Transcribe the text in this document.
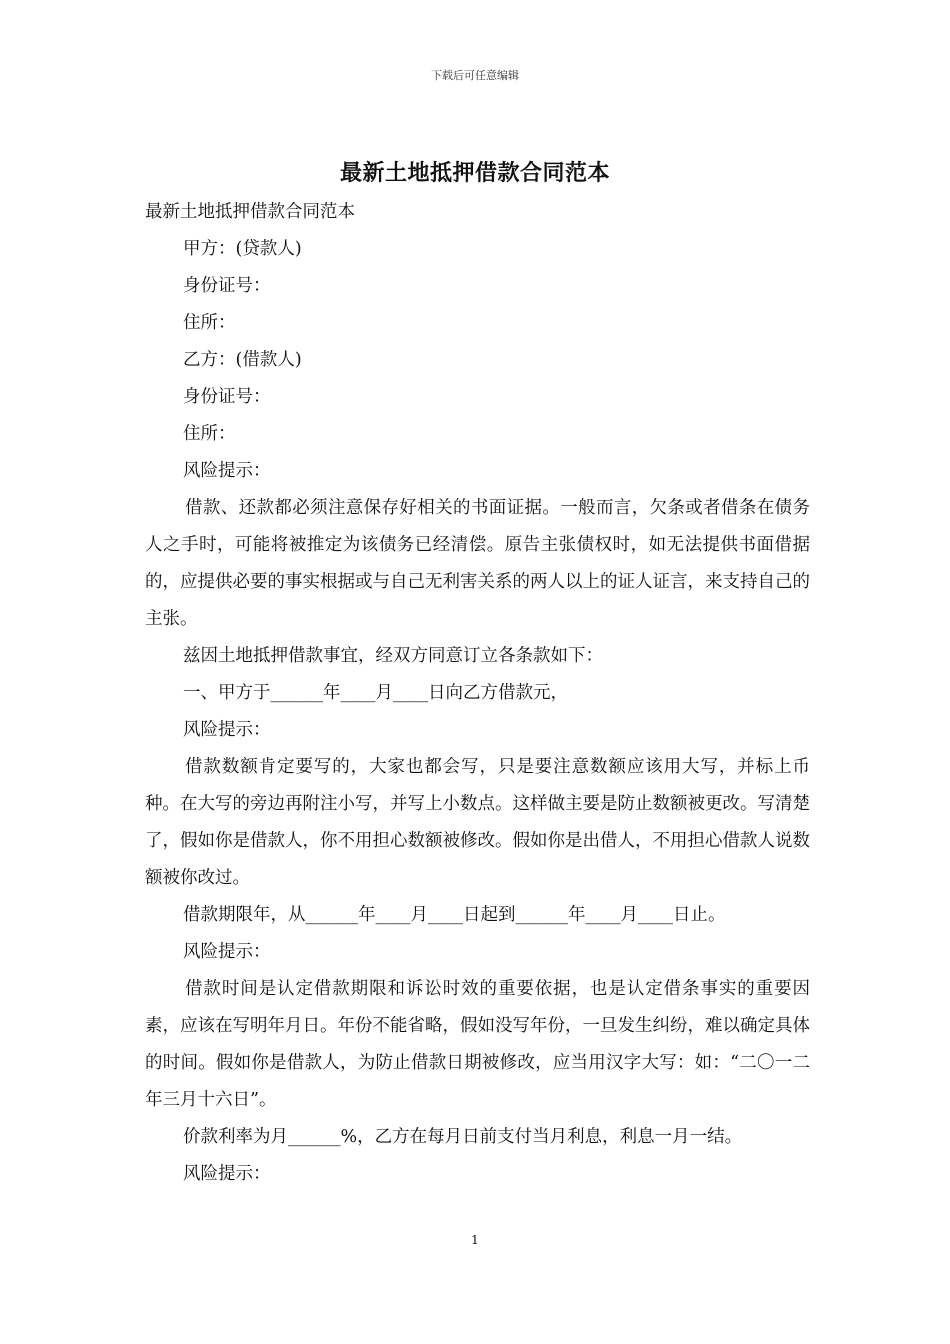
下载后可任意编辑
最新土地抵押借款合同范本

最新土地抵押借款合同范本

甲方：(贷款人)

身份证号：

住所：

乙方：(借款人)

身份证号：

住所：

风险提示：

借款、还款都必须注意保存好相关的书面证据。一般而言，欠条或者借条在债务人之手时，可能将被推定为该债务已经清偿。原告主张债权时，如无法提供书面借据的，应提供必要的事实根据或与自己无利害关系的两人以上的证人证言，来支持自己的主张。

兹因土地抵押借款事宜，经双方同意订立各条款如下：

一、甲方于______年____月____日向乙方借款元，

风险提示：

借款数额肯定要写的，大家也都会写，只是要注意数额应该用大写，并标上币种。在大写的旁边再附注小写，并写上小数点。这样做主要是防止数额被更改。写清楚了，假如你是借款人，你不用担心数额被修改。假如你是出借人，不用担心借款人说数额被你改过。

借款期限年，从______年____月____日起到______年____月____日止。

风险提示：

借款时间是认定借款期限和诉讼时效的重要依据，也是认定借条事实的重要因素，应该在写明年月日。年份不能省略，假如没写年份，一旦发生纠纷，难以确定具体的时间。假如你是借款人，为防止借款日期被修改，应当用汉字大写：如：“二〇一二年三月十六日”。

价款利率为月______%，乙方在每月日前支付当月利息，利息一月一结。

风险提示：

1
